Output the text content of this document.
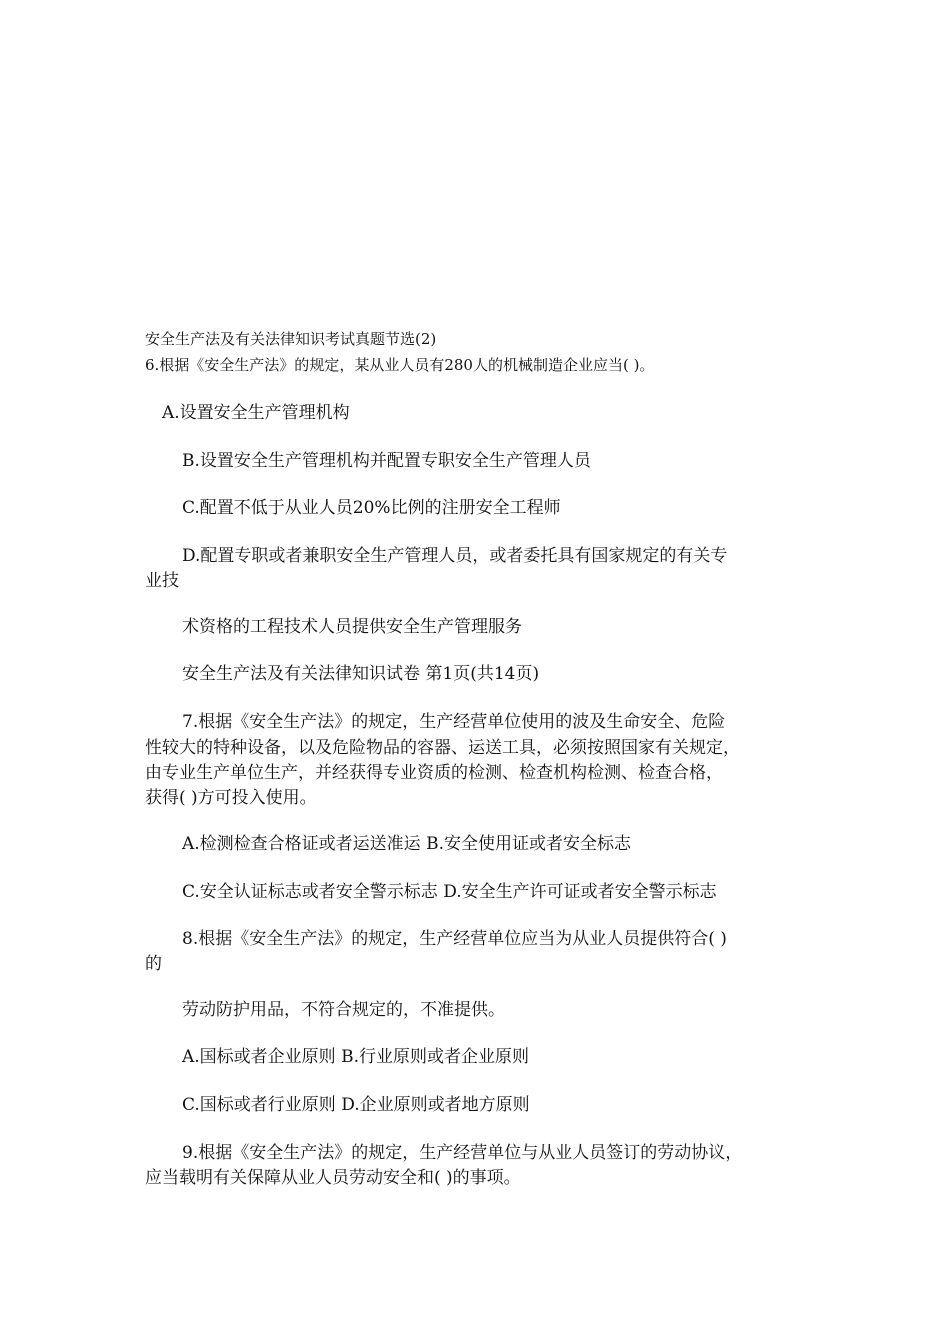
安全生产法及有关法律知识考试真题节选(2)
6.根据《安全生产法》的规定，某从业人员有280人的机械制造企业应当( )。
A.设置安全生产管理机构
B.设置安全生产管理机构并配置专职安全生产管理人员
C.配置不低于从业人员20%比例的注册安全工程师
D.配置专职或者兼职安全生产管理人员，或者委托具有国家规定的有关专
业技
术资格的工程技术人员提供安全生产管理服务
安全生产法及有关法律知识试卷 第1页(共14页)
7.根据《安全生产法》的规定，生产经营单位使用的波及生命安全、危险
性较大的特种设备，以及危险物品的容器、运送工具，必须按照国家有关规定，
由专业生产单位生产，并经获得专业资质的检测、检查机构检测、检查合格，
获得( )方可投入使用。
A.检测检查合格证或者运送准运 B.安全使用证或者安全标志
C.安全认证标志或者安全警示标志 D.安全生产许可证或者安全警示标志
8.根据《安全生产法》的规定，生产经营单位应当为从业人员提供符合( )
的
劳动防护用品，不符合规定的，不准提供。
A.国标或者企业原则 B.行业原则或者企业原则
C.国标或者行业原则 D.企业原则或者地方原则
9.根据《安全生产法》的规定，生产经营单位与从业人员签订的劳动协议，
应当载明有关保障从业人员劳动安全和( )的事项。
